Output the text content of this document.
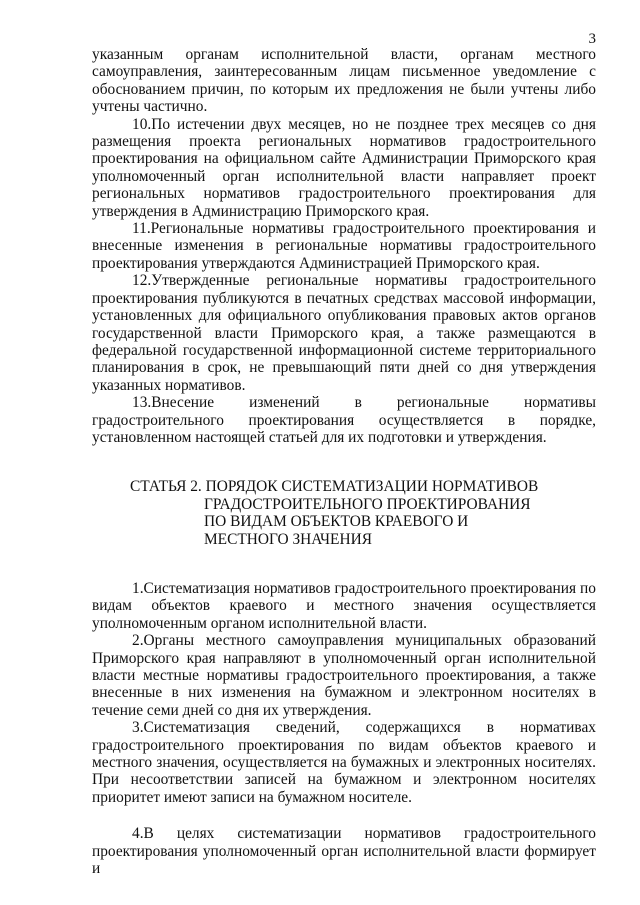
3

указанным органам исполнительной власти, органам местного самоуправления, заинтересованным лицам письменное уведомление с обоснованием причин, по которым их предложения не были учтены либо учтены частично.

10.По истечении двух месяцев, но не позднее трех месяцев со дня размещения проекта региональных нормативов градостроительного проектирования на официальном сайте Администрации Приморского края уполномоченный орган исполнительной власти направляет проект региональных нормативов градостроительного проектирования для утверждения в Администрацию Приморского края.

11.Региональные нормативы градостроительного проектирования и внесенные изменения в региональные нормативы градостроительного проектирования утверждаются Администрацией Приморского края.

12.Утвержденные региональные нормативы градостроительного проектирования публикуются в печатных средствах массовой информации, установленных для официального опубликования правовых актов органов государственной власти Приморского края, а также размещаются в федеральной государственной информационной системе территориального планирования в срок, не превышающий пяти дней со дня утверждения указанных нормативов.

13.Внесение изменений в региональные нормативы градостроительного проектирования осуществляется в порядке, установленном настоящей статьей для их подготовки и утверждения.

СТАТЬЯ 2. ПОРЯДОК СИСТЕМАТИЗАЦИИ НОРМАТИВОВ
ГРАДОСТРОИТЕЛЬНОГО ПРОЕКТИРОВАНИЯ
ПО ВИДАМ ОБЪЕКТОВ КРАЕВОГО И
МЕСТНОГО ЗНАЧЕНИЯ

1.Систематизация нормативов градостроительного проектирования по видам объектов краевого и местного значения осуществляется уполномоченным органом исполнительной власти.

2.Органы местного самоуправления муниципальных образований Приморского края направляют в уполномоченный орган исполнительной власти местные нормативы градостроительного проектирования, а также внесенные в них изменения на бумажном и электронном носителях в течение семи дней со дня их утверждения.

3.Систематизация сведений, содержащихся в нормативах градостроительного проектирования по видам объектов краевого и местного значения, осуществляется на бумажных и электронных носителях. При несоответствии записей на бумажном и электронном носителях приоритет имеют записи на бумажном носителе.

4.В целях систематизации нормативов градостроительного проектирования уполномоченный орган исполнительной власти формирует и
